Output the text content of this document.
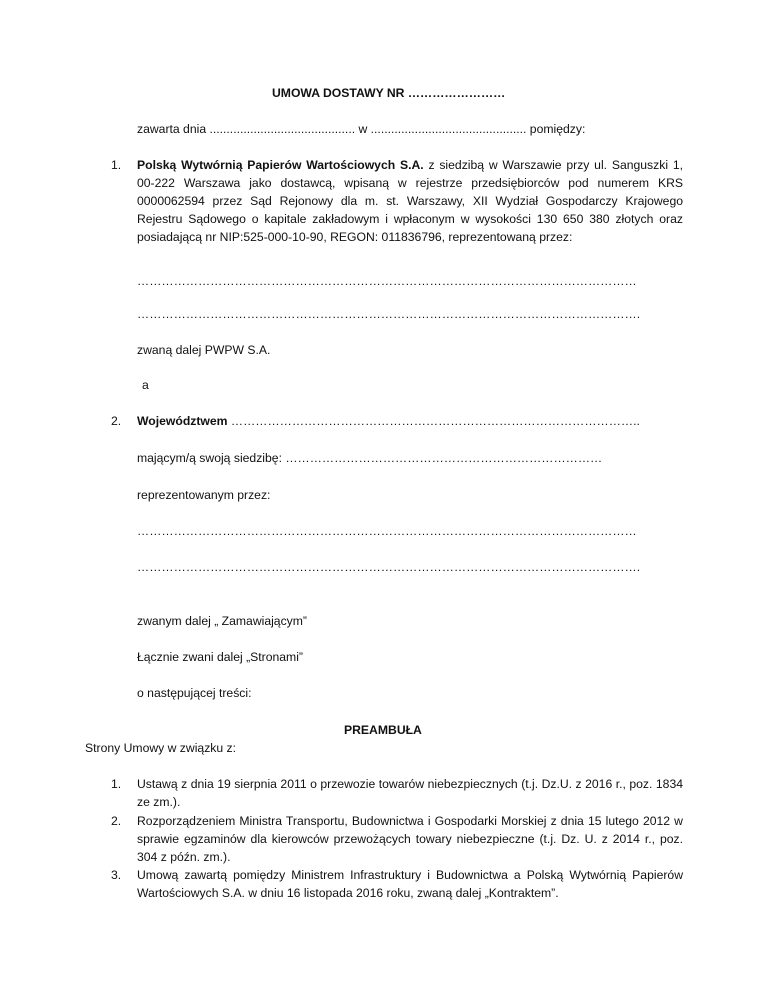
UMOWA DOSTAWY NR ……………………
zawarta dnia ........................................... w .............................................. pomiędzy:
1. Polską Wytwórnią Papierów Wartościowych S.A. z siedzibą w Warszawie przy ul. Sanguszki 1, 00-222 Warszawa jako dostawcą, wpisaną w rejestrze przedsiębiorców pod numerem KRS 0000062594 przez Sąd Rejonowy dla m. st. Warszawy, XII Wydział Gospodarczy Krajowego Rejestru Sądowego o kapitale zakładowym i wpłaconym w wysokości 130 650 380 złotych oraz posiadającą nr NIP:525-000-10-90, REGON: 011836796, reprezentowaną przez:
……………………………………………………………………………………………………………
…………………………………………………………………………………………………………….
zwaną dalej PWPW S.A.
a
2. Województwem ………………………………………………………………………………………..
mającym/ą swoją siedzibę: ……………………………………………………………………
reprezentowanym przez:
……………………………………………………………………………………………………………
…………………………………………………………………………………………………………….
zwanym dalej „ Zamawiającym”
Łącznie zwani dalej „Stronami”
o następującej treści:
PREAMBUŁA
Strony Umowy w związku z:
1. Ustawą z dnia 19 sierpnia 2011 o przewozie towarów niebezpiecznych (t.j. Dz.U. z 2016 r., poz. 1834 ze zm.).
2. Rozporządzeniem Ministra Transportu, Budownictwa i Gospodarki Morskiej z dnia 15 lutego 2012 w sprawie egzaminów dla kierowców przewożących towary niebezpieczne (t.j. Dz. U. z 2014 r., poz. 304 z późn. zm.).
3. Umową zawartą pomiędzy Ministrem Infrastruktury i Budownictwa a Polską Wytwórnią Papierów Wartościowych S.A. w dniu 16 listopada 2016 roku, zwaną dalej „Kontraktem”.
